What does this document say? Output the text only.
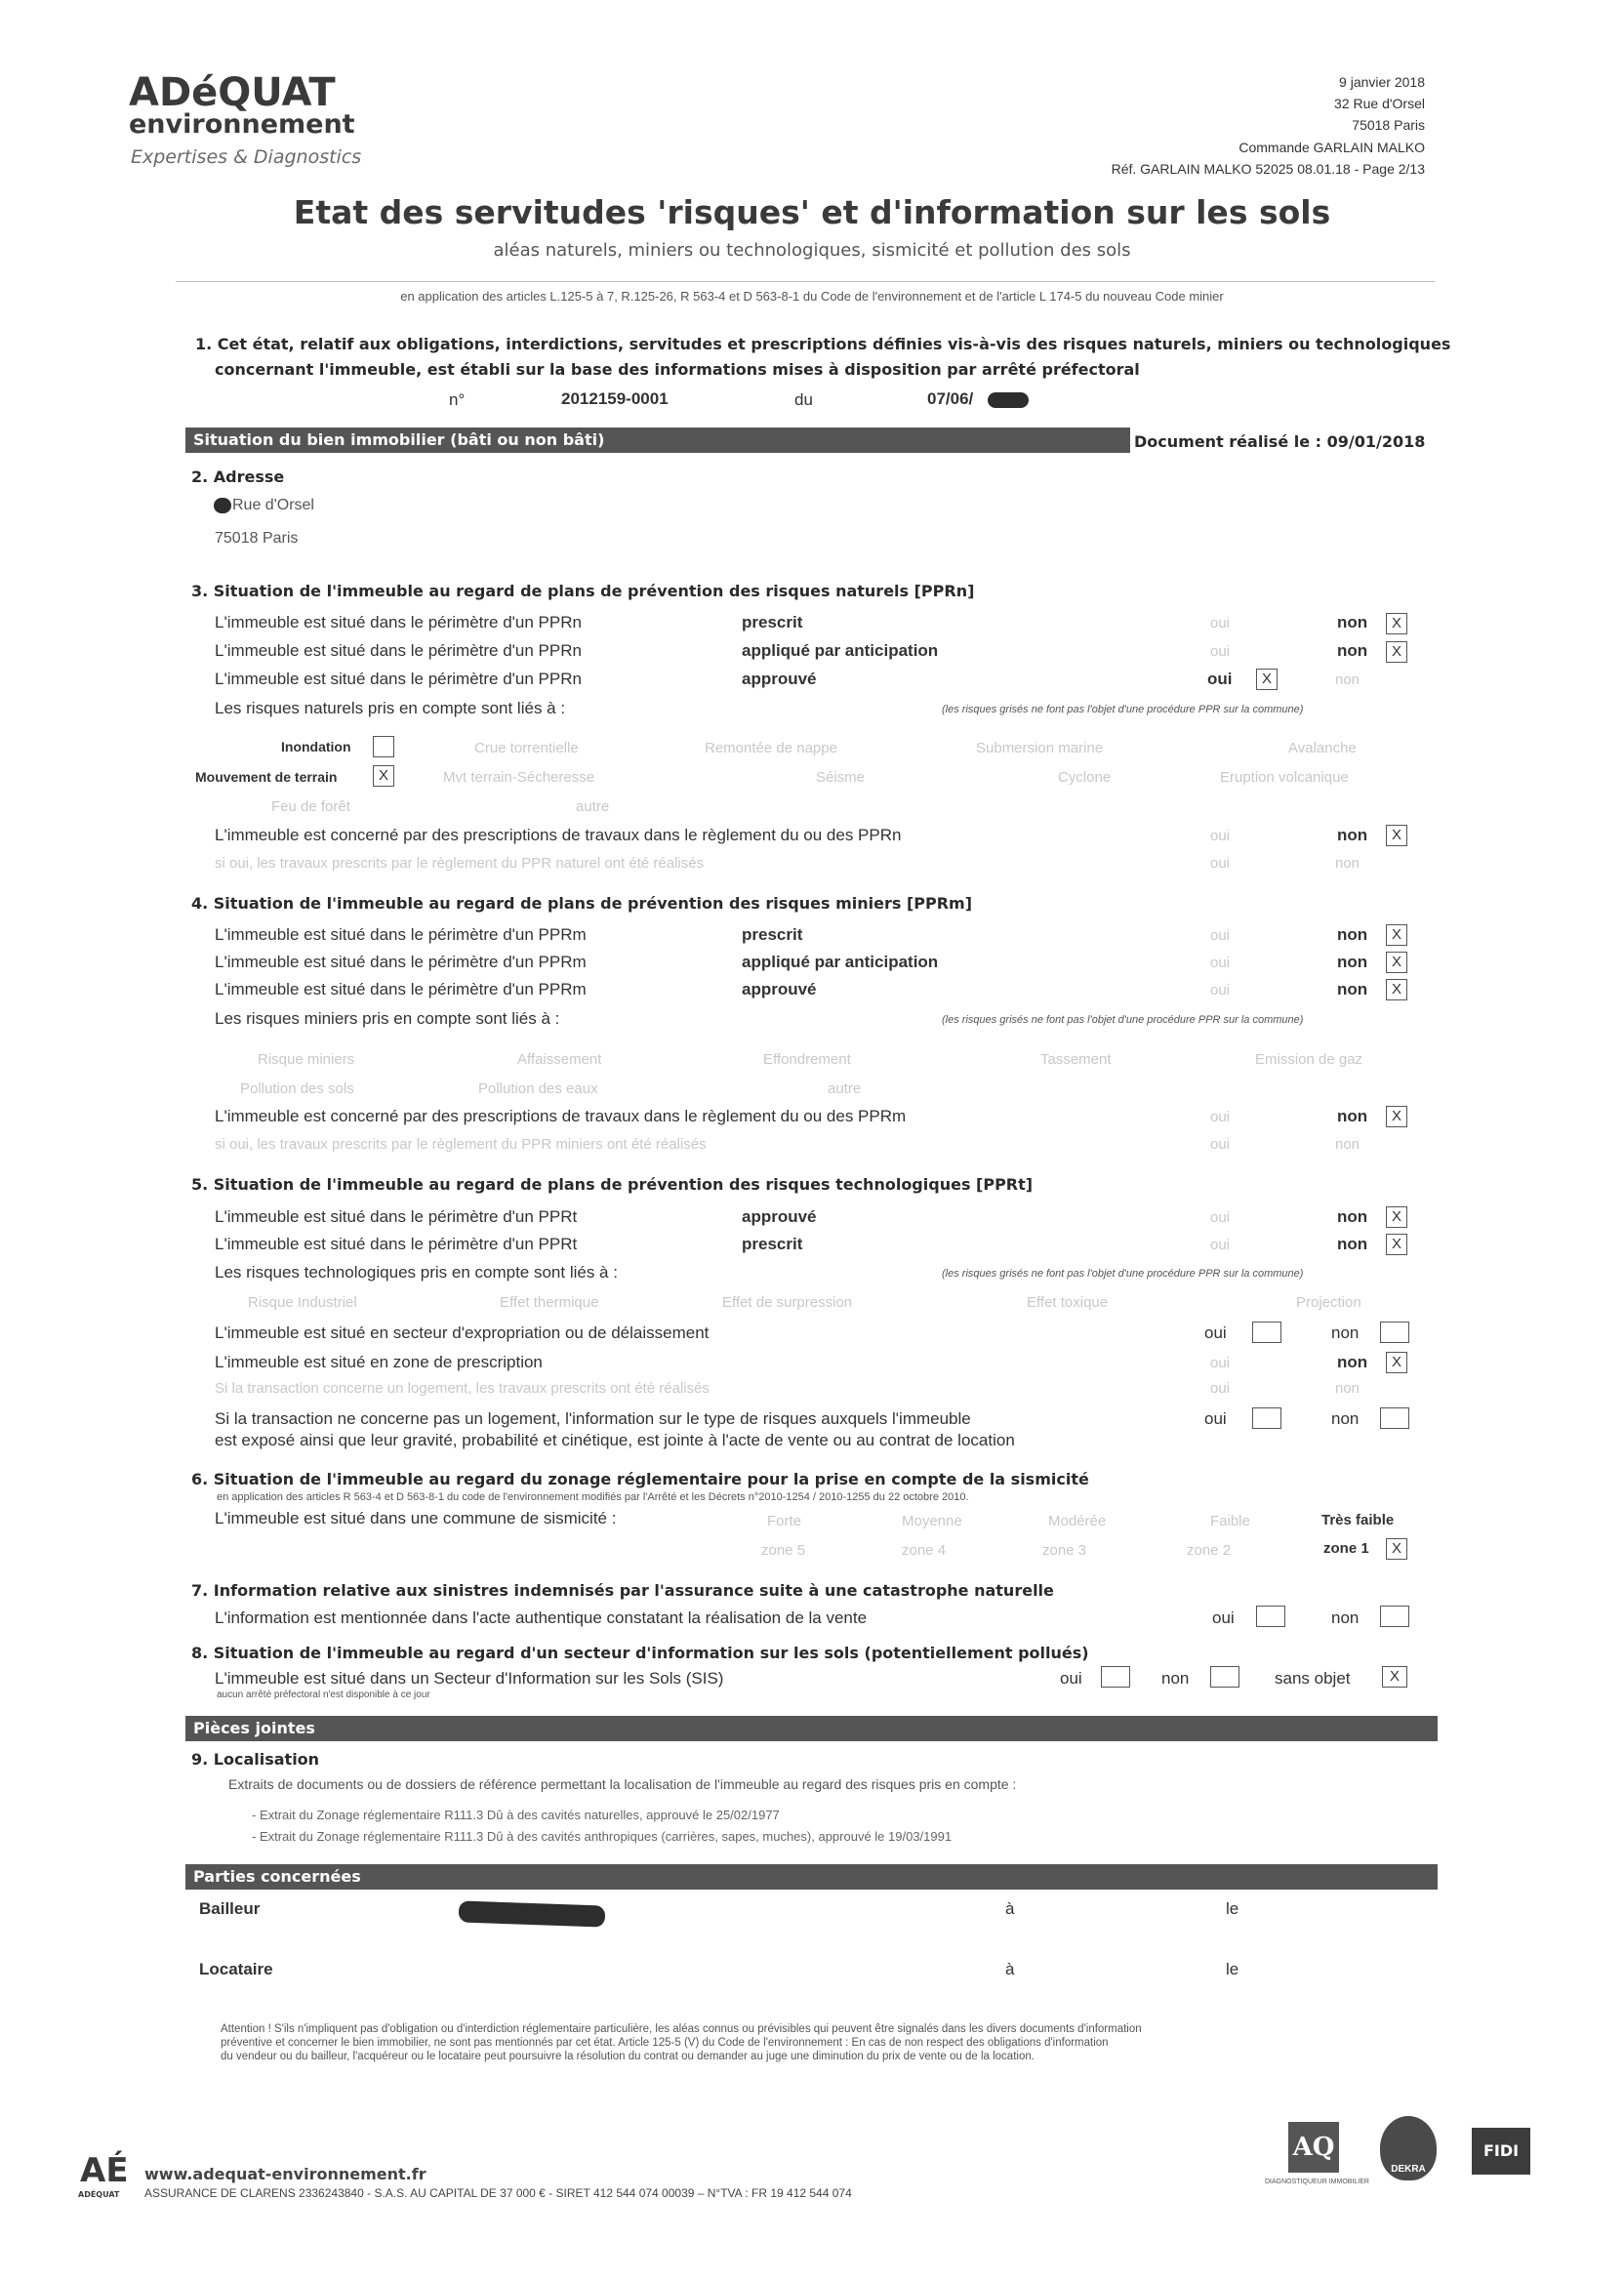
ADéQUAT
environnement
Expertises & Diagnostics
9 janvier 2018
32 Rue d'Orsel
75018 Paris
Commande GARLAIN MALKO
Réf. GARLAIN MALKO 52025 08.01.18 - Page 2/13
Etat des servitudes 'risques' et d'information sur les sols
aléas naturels, miniers ou technologiques, sismicité et pollution des sols
en application des articles L.125-5 à 7, R.125-26, R 563-4 et D 563-8-1 du Code de l'environnement et de l'article L 174-5 du nouveau Code minier
1. Cet état, relatif aux obligations, interdictions, servitudes et prescriptions définies vis-à-vis des risques naturels, miniers ou technologiques
concernant l'immeuble, est établi sur la base des informations mises à disposition par arrêté préfectoral
n°	2012159-0001	du	07/06/
Situation du bien immobilier (bâti ou non bâti)	Document réalisé le : 09/01/2018
2. Adresse
Rue d'Orsel
75018 Paris
3. Situation de l'immeuble au regard de plans de prévention des risques naturels [PPRn]
L'immeuble est situé dans le périmètre d'un PPRn	prescrit	oui	non	X
L'immeuble est situé dans le périmètre d'un PPRn	appliqué par anticipation	oui	non	X
L'immeuble est situé dans le périmètre d'un PPRn	approuvé	oui	X	non
Les risques naturels pris en compte sont liés à :	(les risques grisés ne font pas l'objet d'une procédure PPR sur la commune)
Inondation	Crue torrentielle	Remontée de nappe	Submersion marine	Avalanche
Mouvement de terrain	X	Mvt terrain-Sécheresse	Séisme	Cyclone	Eruption volcanique
Feu de forêt	autre
L'immeuble est concerné par des prescriptions de travaux dans le règlement du ou des PPRn	oui	non	X
si oui, les travaux prescrits par le règlement du PPR naturel ont été réalisés	oui	non
4. Situation de l'immeuble au regard de plans de prévention des risques miniers [PPRm]
L'immeuble est situé dans le périmètre d'un PPRm	prescrit	oui	non	X
L'immeuble est situé dans le périmètre d'un PPRm	appliqué par anticipation	oui	non	X
L'immeuble est situé dans le périmètre d'un PPRm	approuvé	oui	non	X
Les risques miniers pris en compte sont liés à :	(les risques grisés ne font pas l'objet d'une procédure PPR sur la commune)
Risque miniers	Affaissement	Effondrement	Tassement	Emission de gaz
Pollution des sols	Pollution des eaux	autre
L'immeuble est concerné par des prescriptions de travaux dans le règlement du ou des PPRm	oui	non	X
si oui, les travaux prescrits par le règlement du PPR miniers ont été réalisés	oui	non
5. Situation de l'immeuble au regard de plans de prévention des risques technologiques [PPRt]
L'immeuble est situé dans le périmètre d'un PPRt	approuvé	oui	non	X
L'immeuble est situé dans le périmètre d'un PPRt	prescrit	oui	non	X
Les risques technologiques pris en compte sont liés à :	(les risques grisés ne font pas l'objet d'une procédure PPR sur la commune)
Risque Industriel	Effet thermique	Effet de surpression	Effet toxique	Projection
L'immeuble est situé en secteur d'expropriation ou de délaissement	oui	non
L'immeuble est situé en zone de prescription	oui	non	X
Si la transaction concerne un logement, les travaux prescrits ont été réalisés	oui	non
Si la transaction ne concerne pas un logement, l'information sur le type de risques auxquels l'immeuble
est exposé ainsi que leur gravité, probabilité et cinétique, est jointe à l'acte de vente ou au contrat de location
oui	non
6. Situation de l'immeuble au regard du zonage réglementaire pour la prise en compte de la sismicité
en application des articles R 563-4 et D 563-8-1 du code de l'environnement modifiés par l'Arrêté et les Décrets n°2010-1254 / 2010-1255 du 22 octobre 2010.
L'immeuble est situé dans une commune de sismicité :	Forte	Moyenne	Modérée	Faible	Très faible
zone 5	zone 4	zone 3	zone 2	zone 1	X
7. Information relative aux sinistres indemnisés par l'assurance suite à une catastrophe naturelle
L'information est mentionnée dans l'acte authentique constatant la réalisation de la vente	oui	non
8. Situation de l'immeuble au regard d'un secteur d'information sur les sols (potentiellement pollués)
L'immeuble est situé dans un Secteur d'Information sur les Sols (SIS)	oui	non	sans objet	X
aucun arrêté préfectoral n'est disponible à ce jour
Pièces jointes
9. Localisation
Extraits de documents ou de dossiers de référence permettant la localisation de l'immeuble au regard des risques pris en compte :
- Extrait du Zonage réglementaire R111.3 Dû à des cavités naturelles, approuvé le 25/02/1977
- Extrait du Zonage réglementaire R111.3 Dû à des cavités anthropiques (carrières, sapes, muches), approuvé le 19/03/1991
Parties concernées
Bailleur	à	le
Locataire	à	le
Attention ! S'ils n'impliquent pas d'obligation ou d'interdiction réglementaire particulière, les aléas connus ou prévisibles qui peuvent être signalés dans les divers documents d'information
préventive et concerner le bien immobilier, ne sont pas mentionnés par cet état. Article 125-5 (V) du Code de l'environnement : En cas de non respect des obligations d'information
du vendeur ou du bailleur, l'acquéreur ou le locataire peut poursuivre la résolution du contrat ou demander au juge une diminution du prix de vente ou de la location.
AÉ
ADÉQUAT
www.adequat-environnement.fr
ASSURANCE DE CLARENS 2336243840 - S.A.S. AU CAPITAL DE 37 000 € - SIRET 412 544 074 00039 – N°TVA : FR 19 412 544 074
AQ
DIAGNOSTIQUEUR IMMOBILIER
DEKRA
FIDI
